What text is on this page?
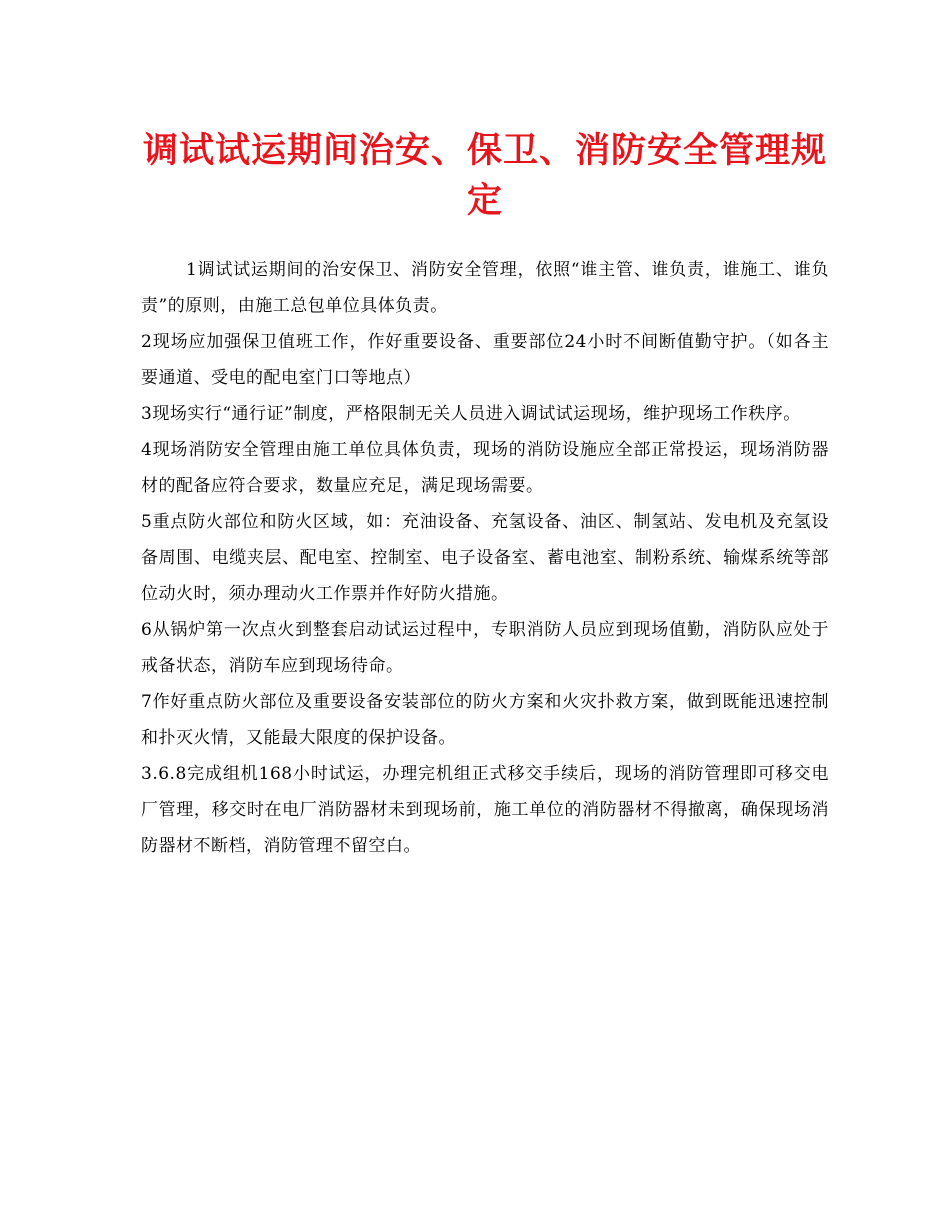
调试试运期间治安、保卫、消防安全管理规定

1调试试运期间的治安保卫、消防安全管理，依照“谁主管、谁负责，谁施工、谁负责”的原则，由施工总包单位具体负责。

2现场应加强保卫值班工作，作好重要设备、重要部位24小时不间断值勤守护。（如各主要通道、受电的配电室门口等地点）

3现场实行“通行证”制度，严格限制无关人员进入调试试运现场，维护现场工作秩序。

4现场消防安全管理由施工单位具体负责，现场的消防设施应全部正常投运，现场消防器材的配备应符合要求，数量应充足，满足现场需要。

5重点防火部位和防火区域，如：充油设备、充氢设备、油区、制氢站、发电机及充氢设备周围、电缆夹层、配电室、控制室、电子设备室、蓄电池室、制粉系统、输煤系统等部位动火时，须办理动火工作票并作好防火措施。

6从锅炉第一次点火到整套启动试运过程中，专职消防人员应到现场值勤，消防队应处于戒备状态，消防车应到现场待命。

7作好重点防火部位及重要设备安装部位的防火方案和火灾扑救方案，做到既能迅速控制和扑灭火情，又能最大限度的保护设备。

3.6.8完成组机168小时试运，办理完机组正式移交手续后，现场的消防管理即可移交电厂管理，移交时在电厂消防器材未到现场前，施工单位的消防器材不得撤离，确保现场消防器材不断档，消防管理不留空白。
